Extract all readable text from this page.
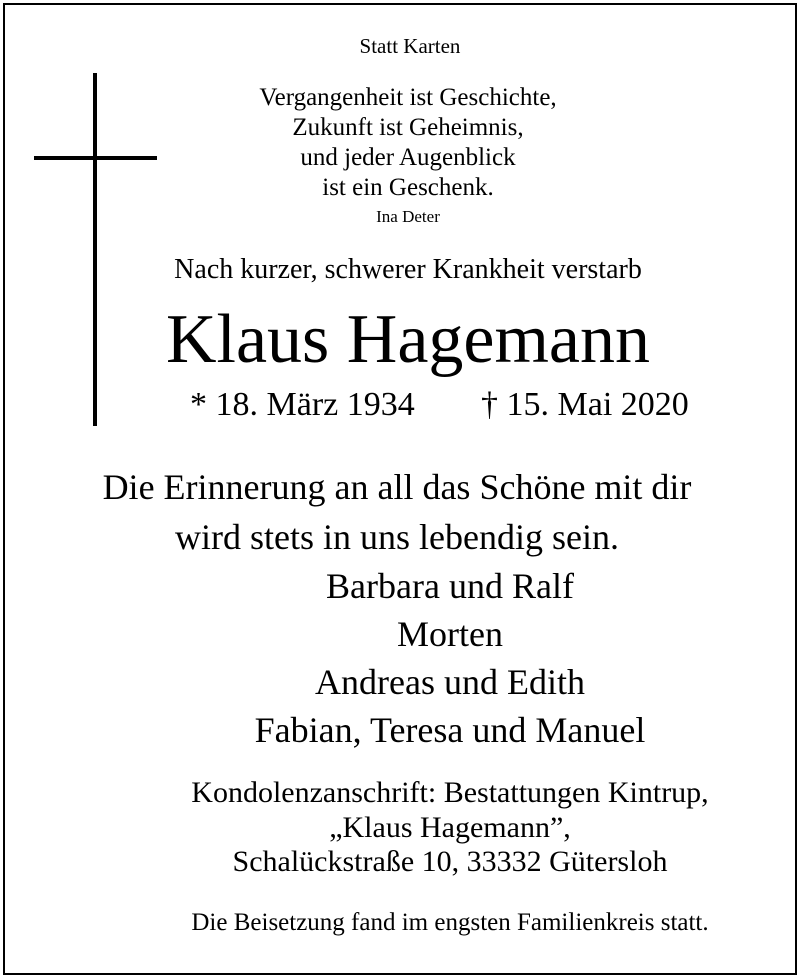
Statt Karten
Vergangenheit ist Geschichte,
Zukunft ist Geheimnis,
und jeder Augenblick
ist ein Geschenk.
Ina Deter
Nach kurzer, schwerer Krankheit verstarb
Klaus Hagemann
* 18. März 1934 † 15. Mai 2020
Die Erinnerung an all das Schöne mit dir
wird stets in uns lebendig sein.
Barbara und Ralf
Morten
Andreas und Edith
Fabian, Teresa und Manuel
Kondolenzanschrift: Bestattungen Kintrup,
„Klaus Hagemann”,
Schalückstraße 10, 33332 Gütersloh
Die Beisetzung fand im engsten Familienkreis statt.
